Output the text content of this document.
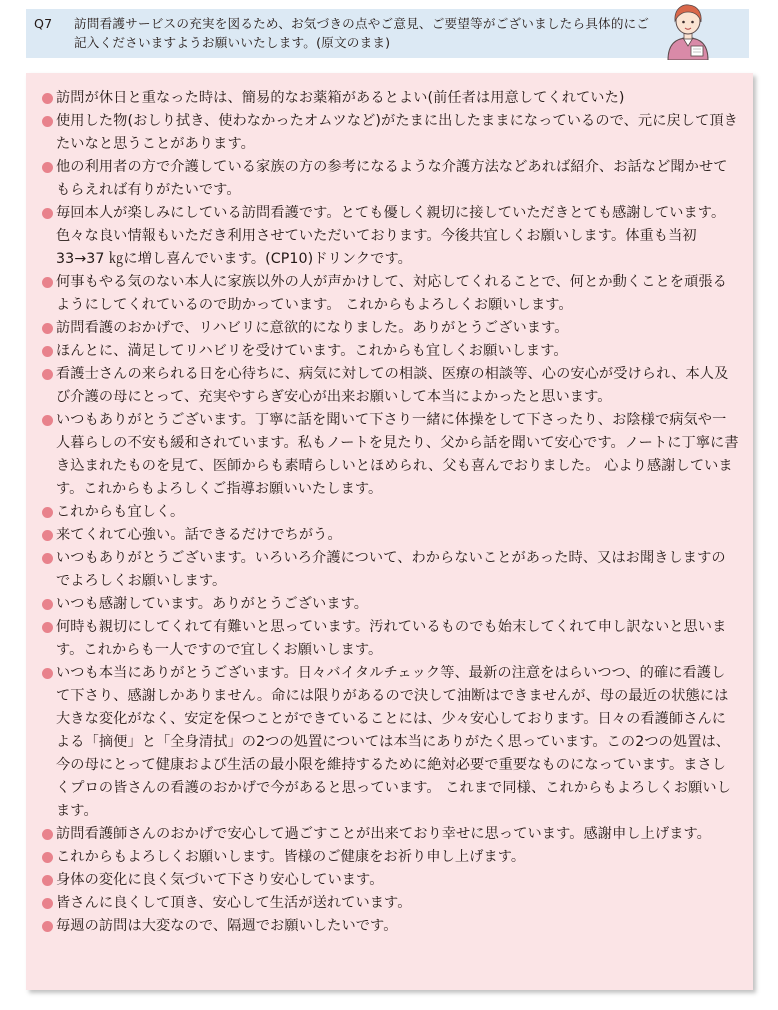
Q7	訪問看護サービスの充実を図るため、お気づきの点やご意見、ご要望等がございましたら具体的にご記入くださいますようお願いいたします。(原文のまま)
訪問が休日と重なった時は、簡易的なお薬箱があるとよい(前任者は用意してくれていた)
使用した物(おしり拭き、使わなかったオムツなど)がたまに出したままになっているので、元に戻して頂きたいなと思うことがあります。
他の利用者の方で介護している家族の方の参考になるような介護方法などあれば紹介、お話など聞かせてもらえれば有りがたいです。
毎回本人が楽しみにしている訪問看護です。とても優しく親切に接していただきとても感謝しています。　色々な良い情報もいただき利用させていただいております。今後共宜しくお願いします。体重も当初 33→37 ㎏に増し喜んでいます。(CP10)ドリンクです。
何事もやる気のない本人に家族以外の人が声かけして、対応してくれることで、何とか動くことを頑張るようにしてくれているので助かっています。 これからもよろしくお願いします。
訪問看護のおかげで、リハビリに意欲的になりました。ありがとうございます。
ほんとに、満足してリハビリを受けています。これからも宜しくお願いします。
看護士さんの来られる日を心待ちに、病気に対しての相談、医療の相談等、心の安心が受けられ、本人及び介護の母にとって、充実やすらぎ安心が出来お願いして本当によかったと思います。
いつもありがとうございます。丁寧に話を聞いて下さり一緒に体操をして下さったり、お陰様で病気や一人暮らしの不安も緩和されています。私もノートを見たり、父から話を聞いて安心です。ノートに丁寧に書き込まれたものを見て、医師からも素晴らしいとほめられ、父も喜んでおりました。 心より感謝しています。これからもよろしくご指導お願いいたします。
これからも宜しく。
来てくれて心強い。話できるだけでちがう。
いつもありがとうございます。いろいろ介護について、わからないことがあった時、又はお聞きしますのでよろしくお願いします。
いつも感謝しています。ありがとうございます。
何時も親切にしてくれて有難いと思っています。汚れているものでも始末してくれて申し訳ないと思います。これからも一人ですので宜しくお願いします。
いつも本当にありがとうございます。日々バイタルチェック等、最新の注意をはらいつつ、的確に看護して下さり、感謝しかありません。命には限りがあるので決して油断はできませんが、母の最近の状態には大きな変化がなく、安定を保つことができていることには、少々安心しております。日々の看護師さんによる「摘便」と「全身清拭」の2つの処置については本当にありがたく思っています。この2つの処置は、今の母にとって健康および生活の最小限を維持するために絶対必要で重要なものになっています。まさしくプロの皆さんの看護のおかげで今があると思っています。 これまで同様、これからもよろしくお願いします。
訪問看護師さんのおかげで安心して過ごすことが出来ており幸せに思っています。感謝申し上げます。
これからもよろしくお願いします。皆様のご健康をお祈り申し上げます。
身体の変化に良く気づいて下さり安心しています。
皆さんに良くして頂き、安心して生活が送れています。
毎週の訪問は大変なので、隔週でお願いしたいです。
